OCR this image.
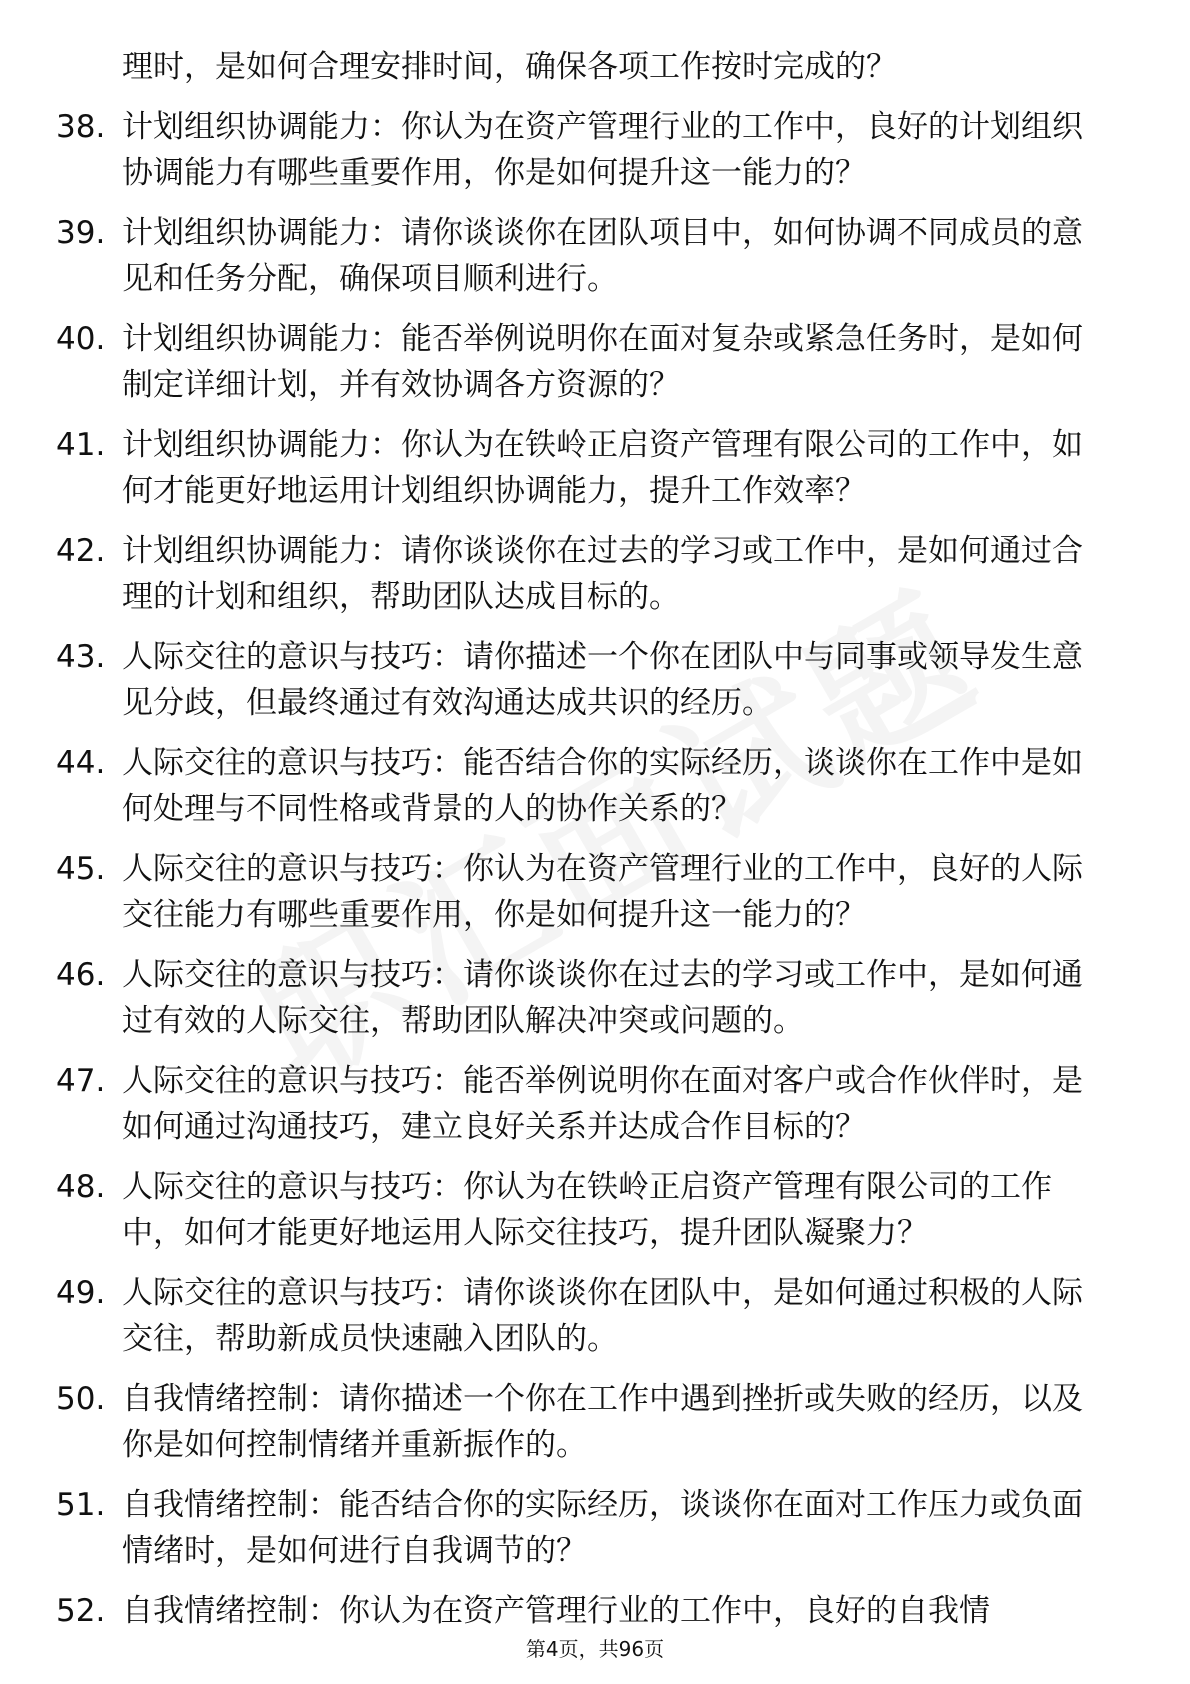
理时，是如何合理安排时间，确保各项工作按时完成的？
38. 计划组织协调能力：你认为在资产管理行业的工作中，良好的计划组织协调能力有哪些重要作用，你是如何提升这一能力的？
39. 计划组织协调能力：请你谈谈你在团队项目中，如何协调不同成员的意见和任务分配，确保项目顺利进行。
40. 计划组织协调能力：能否举例说明你在面对复杂或紧急任务时，是如何制定详细计划，并有效协调各方资源的？
41. 计划组织协调能力：你认为在铁岭正启资产管理有限公司的工作中，如何才能更好地运用计划组织协调能力，提升工作效率？
42. 计划组织协调能力：请你谈谈你在过去的学习或工作中，是如何通过合理的计划和组织，帮助团队达成目标的。
43. 人际交往的意识与技巧：请你描述一个你在团队中与同事或领导发生意见分歧，但最终通过有效沟通达成共识的经历。
44. 人际交往的意识与技巧：能否结合你的实际经历，谈谈你在工作中是如何处理与不同性格或背景的人的协作关系的？
45. 人际交往的意识与技巧：你认为在资产管理行业的工作中，良好的人际交往能力有哪些重要作用，你是如何提升这一能力的？
46. 人际交往的意识与技巧：请你谈谈你在过去的学习或工作中，是如何通过有效的人际交往，帮助团队解决冲突或问题的。
47. 人际交往的意识与技巧：能否举例说明你在面对客户或合作伙伴时，是如何通过沟通技巧，建立良好关系并达成合作目标的？
48. 人际交往的意识与技巧：你认为在铁岭正启资产管理有限公司的工作中，如何才能更好地运用人际交往技巧，提升团队凝聚力？
49. 人际交往的意识与技巧：请你谈谈你在团队中，是如何通过积极的人际交往，帮助新成员快速融入团队的。
50. 自我情绪控制：请你描述一个你在工作中遇到挫折或失败的经历，以及你是如何控制情绪并重新振作的。
51. 自我情绪控制：能否结合你的实际经历，谈谈你在面对工作压力或负面情绪时，是如何进行自我调节的？
52. 自我情绪控制：你认为在资产管理行业的工作中，良好的自我情
第4页，共96页
